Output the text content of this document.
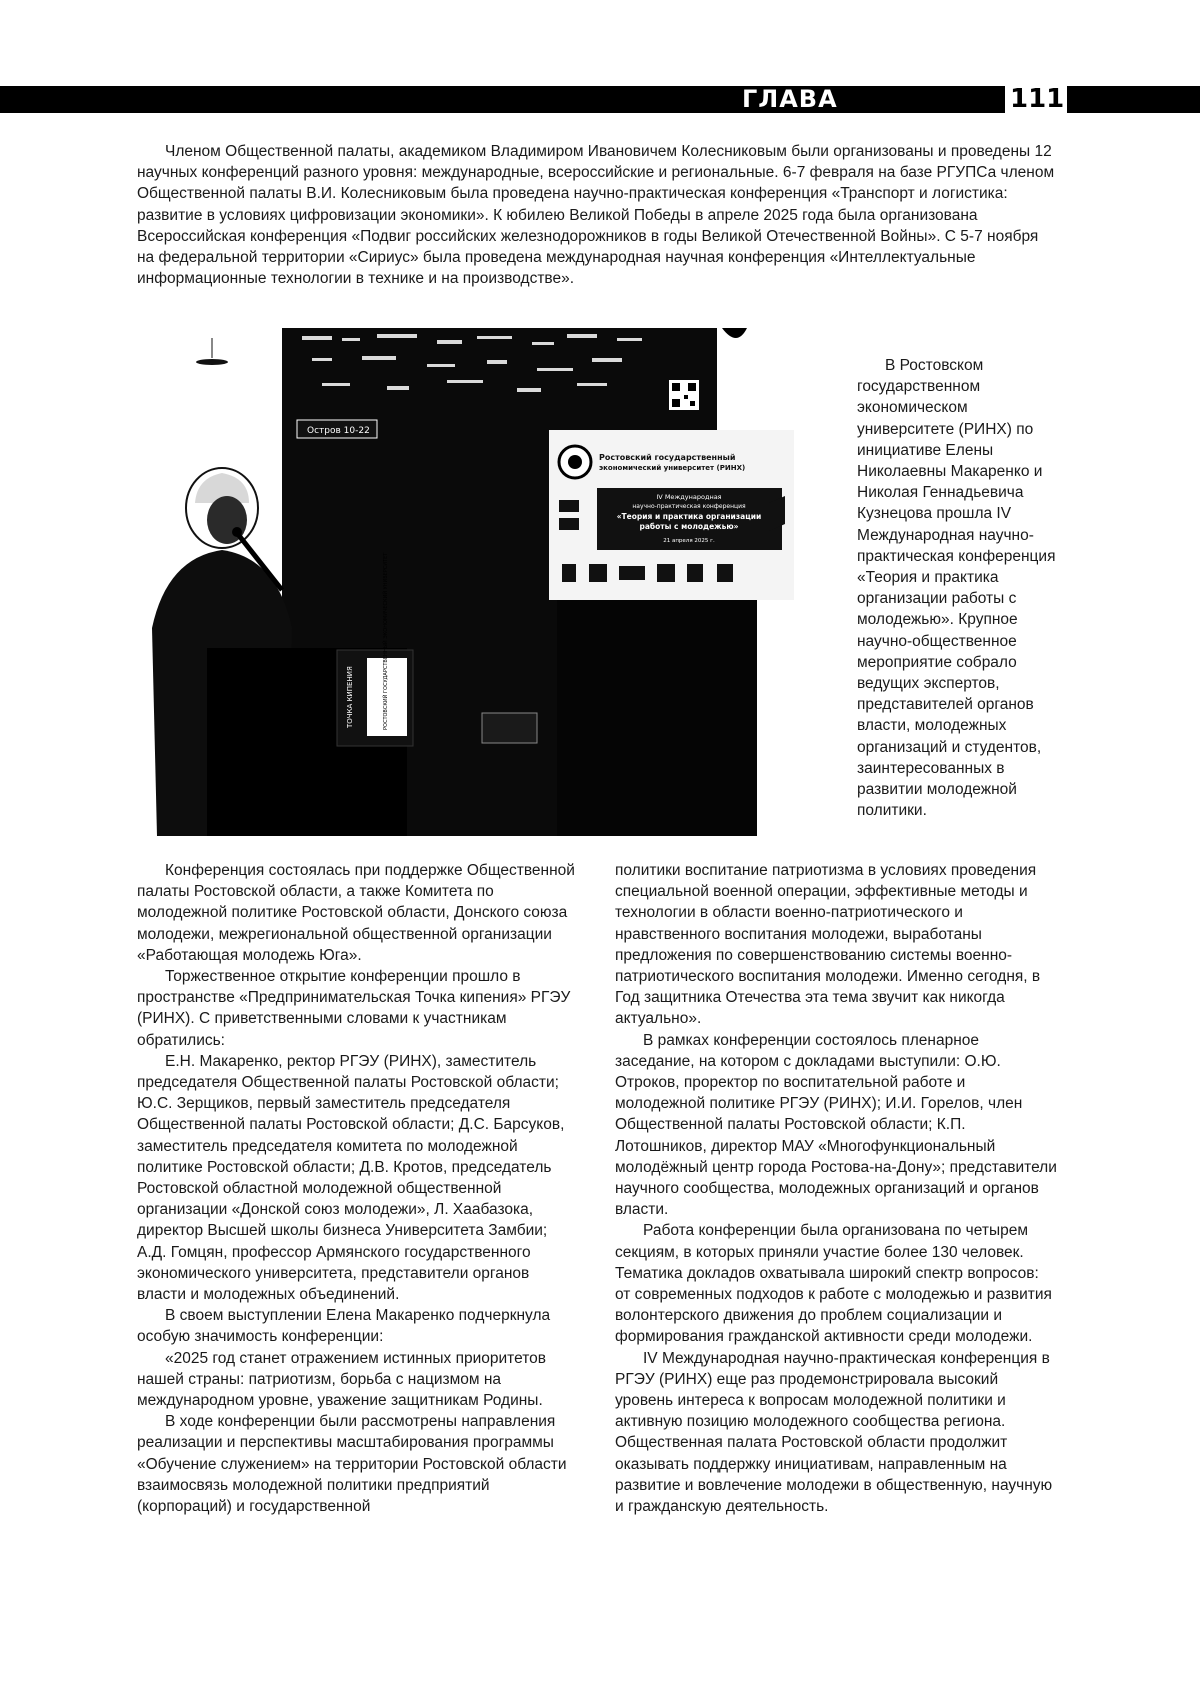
ГЛАВА 6.5
111

Членом Общественной палаты, академиком Владимиром Ивановичем Колесниковым были организованы и проведены 12 научных конференций разного уровня: международные, всероссийские и региональные. 6-7 февраля на базе РГУПСа членом Общественной палаты В.И. Колесниковым была проведена научно-практическая конференция «Транспорт и логистика: развитие в условиях цифровизации экономики». К юбилею Великой Победы в апреле 2025 года была организована Всероссийская конференция «Подвиг российских железнодорожников в годы Великой Отечественной Войны». С 5-7 ноября на федеральной территории «Сириус» была проведена международная научная конференция «Интеллектуальные информационные технологии в технике и на производстве».

Остров 10-22
Ростовский государственный
экономический университет (РИНХ)
IV Международная
научно-практическая конференция
«Теория и практика организации
работы с молодежью»
21 апреля 2025 г.
ТОЧКА КИПЕНИЯ	РОСТОВСКИЙ ГОСУДАРСТВЕННЫЙ ЭКОНОМИЧЕСКИЙ УНИВЕРСИТЕТ

В Ростовском государственном экономическом университете (РИНХ) по инициативе Елены Николаевны Макаренко и Николая Геннадьевича Кузнецова прошла IV Международная научно-практическая конференция «Теория и практика организации работы с молодежью». Крупное научно-общественное мероприятие собрало ведущих экспертов, представителей органов власти, молодежных организаций и студентов, заинтересованных в развитии молодежной политики.

Конференция состоялась при поддержке Общественной палаты Ростовской области, а также Комитета по молодежной политике Ростовской области, Донского союза молодежи, межрегиональной общественной организации «Работающая молодежь Юга».

Торжественное открытие конференции прошло в пространстве «Предпринимательская Точка кипения» РГЭУ (РИНХ). С приветственными словами к участникам обратились:

Е.Н. Макаренко, ректор РГЭУ (РИНХ), заместитель председателя Общественной палаты Ростовской области; Ю.С. Зерщиков, первый заместитель председателя Общественной палаты Ростовской области; Д.С. Барсуков, заместитель председателя комитета по молодежной политике Ростовской области; Д.В. Кротов, председатель Ростовской областной молодежной общественной организации «Донской союз молодежи», Л. Хаабазока, директор Высшей школы бизнеса Университета Замбии; А.Д. Гомцян, профессор Армянского государственного экономического университета, представители органов власти и молодежных объединений.

В своем выступлении Елена Макаренко подчеркнула особую значимость конференции:

«2025 год станет отражением истинных приоритетов нашей страны: патриотизм, борьба с нацизмом на международном уровне, уважение защитникам Родины.

В ходе конференции были рассмотрены направления реализации и перспективы масштабирования программы «Обучение служением» на территории Ростовской области взаимосвязь молодежной политики предприятий (корпораций) и государственной

политики воспитание патриотизма в условиях проведения специальной военной операции, эффективные методы и технологии в области военно-патриотического и нравственного воспитания молодежи, выработаны предложения по совершенствованию системы военно-патриотического воспитания молодежи. Именно сегодня, в Год защитника Отечества эта тема звучит как никогда актуально».

В рамках конференции состоялось пленарное заседание, на котором с докладами выступили: О.Ю. Отроков, проректор по воспитательной работе и молодежной политике РГЭУ (РИНХ); И.И. Горелов, член Общественной палаты Ростовской области; К.П. Лотошников, директор МАУ «Многофункциональный молодёжный центр города Ростова-на-Дону»; представители научного сообщества, молодежных организаций и органов власти.

Работа конференции была организована по четырем секциям, в которых приняли участие более 130 человек. Тематика докладов охватывала широкий спектр вопросов: от современных подходов к работе с молодежью и развития волонтерского движения до проблем социализации и формирования гражданской активности среди молодежи.

IV Международная научно-практическая конференция в РГЭУ (РИНХ) еще раз продемонстрировала высокий уровень интереса к вопросам молодежной политики и активную позицию молодежного сообщества региона. Общественная палата Ростовской области продолжит оказывать поддержку инициативам, направленным на развитие и вовлечение молодежи в общественную, научную и гражданскую деятельность.
